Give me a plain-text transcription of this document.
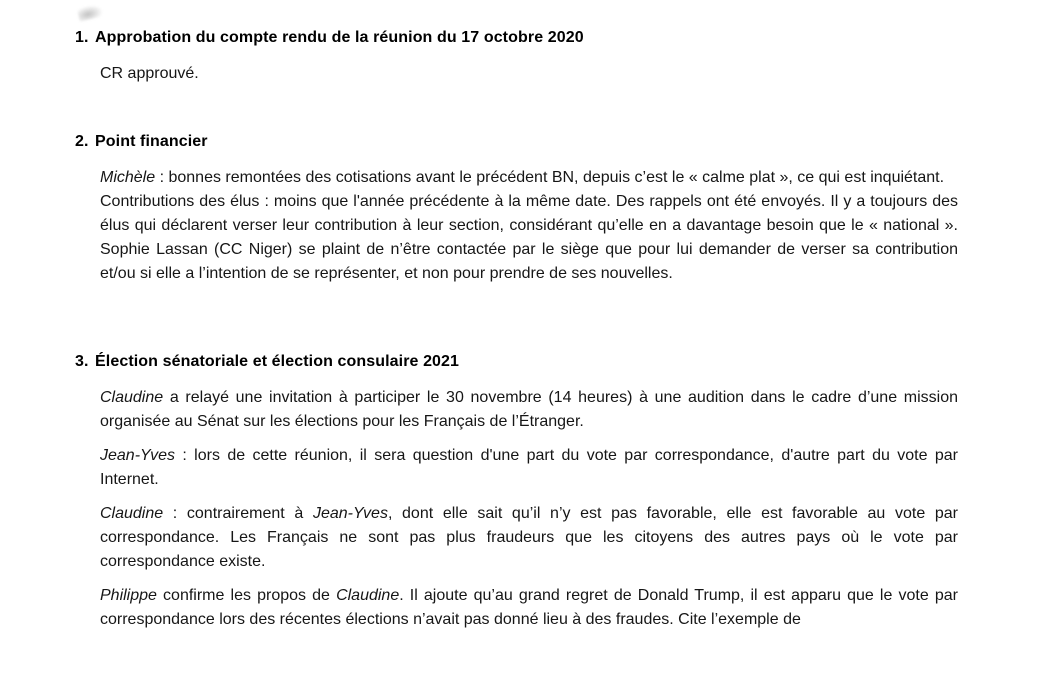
1. Approbation du compte rendu de la réunion du 17 octobre 2020

CR approuvé.

2. Point financier

Michèle : bonnes remontées des cotisations avant le précédent BN, depuis c’est le « calme plat », ce qui est inquiétant.

Contributions des élus : moins que l'année précédente à la même date. Des rappels ont été envoyés. Il y a toujours des élus qui déclarent verser leur contribution à leur section, considérant qu’elle en a davantage besoin que le « national ». Sophie Lassan (CC Niger) se plaint de n’être contactée par le siège que pour lui demander de verser sa contribution et/ou si elle a l’intention de se représenter, et non pour prendre de ses nouvelles.

3. Élection sénatoriale et élection consulaire 2021

Claudine a relayé une invitation à participer le 30 novembre (14 heures) à une audition dans le cadre d’une mission organisée au Sénat sur les élections pour les Français de l’Étranger.

Jean-Yves : lors de cette réunion, il sera question d'une part du vote par correspondance, d'autre part du vote par Internet.

Claudine : contrairement à Jean-Yves, dont elle sait qu’il n’y est pas favorable, elle est favorable au vote par correspondance. Les Français ne sont pas plus fraudeurs que les citoyens des autres pays où le vote par correspondance existe.

Philippe confirme les propos de Claudine. Il ajoute qu’au grand regret de Donald Trump, il est apparu que le vote par correspondance lors des récentes élections n’avait pas donné lieu à des fraudes. Cite l’exemple de
